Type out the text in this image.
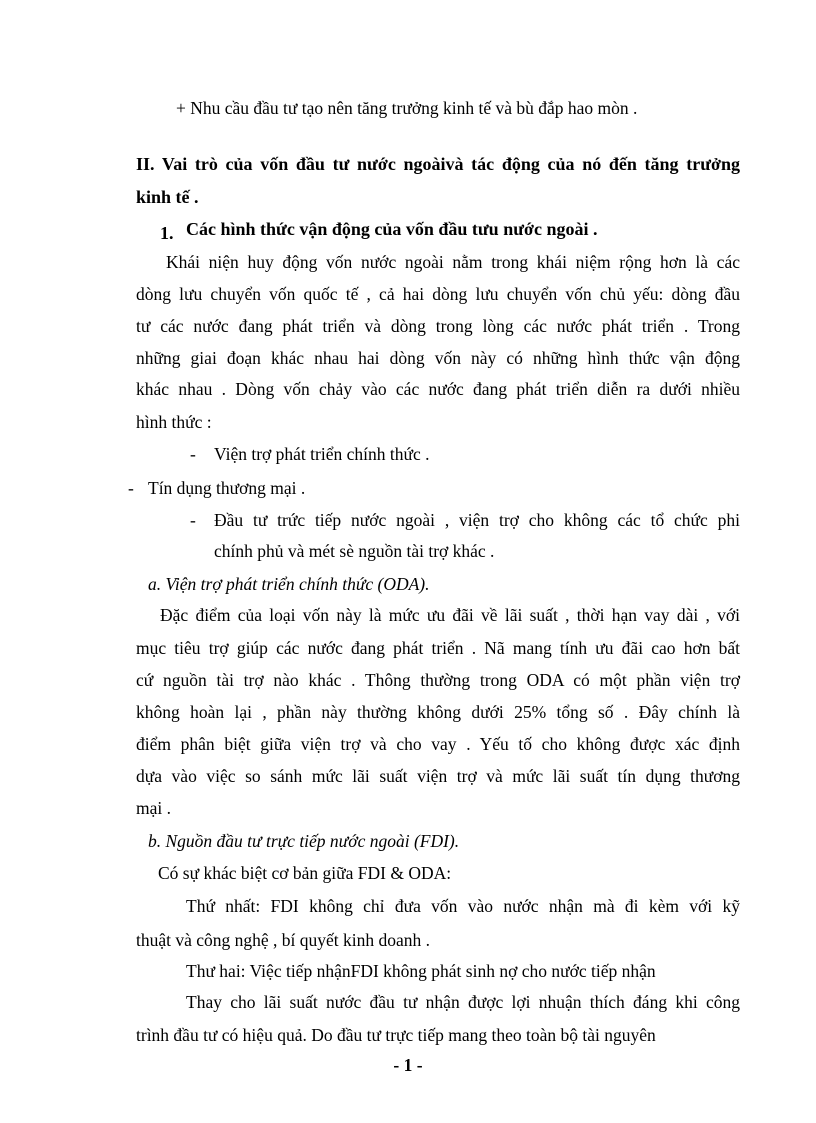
+ Nhu cầu đầu tư tạo nên tăng trưởng kinh tế và bù đắp hao mòn .
II. Vai trò của vốn đầu tư nước ngoàivà tác động của nó đến tăng trưởng
kinh tế .
1. Các hình thức vận động của vốn đầu tưu nước ngoài .
Khái niện huy động vốn nước ngoài nằm trong khái niệm rộng hơn là các
dòng lưu chuyển vốn quốc tế , cả hai dòng lưu chuyển vốn chủ yếu: dòng đầu
tư các nước đang phát triển và dòng trong lòng các nước phát triển . Trong
những giai đoạn khác nhau hai dòng vốn này có những hình thức vận động
khác nhau . Dòng vốn chảy vào các nước đang phát triển diễn ra dưới nhiều
hình thức :
- Viện trợ phát triển chính thức .
- Tín dụng thương mại .
- Đầu tư trức tiếp nước ngoài , viện trợ cho không các tổ chức phi
chính phủ và mét sè nguồn tài trợ khác .
a. Viện trợ phát triển chính thức (ODA).
Đặc điểm của loại vốn này là mức ưu đãi về lãi suất , thời hạn vay dài , với
mục tiêu trợ giúp các nước đang phát triển . Nã mang tính ưu đãi cao hơn bất
cứ nguồn tài trợ nào khác . Thông thường trong ODA có một phần viện trợ
không hoàn lại , phần này thường không dưới 25% tổng số . Đây chính là
điểm phân biệt giữa viện trợ và cho vay . Yếu tố cho không được xác định
dựa vào việc so sánh mức lãi suất viện trợ và mức lãi suất tín dụng thương
mại .
b. Nguồn đầu tư trực tiếp nước ngoài (FDI).
Có sự khác biệt cơ bản giữa FDI & ODA:
Thứ nhất: FDI không chỉ đưa vốn vào nước nhận mà đi kèm với kỹ
thuật và công nghệ , bí quyết kinh doanh .
Thư hai: Việc tiếp nhậnFDI không phát sinh nợ cho nước tiếp nhận
Thay cho lãi suất nước đầu tư nhận được lợi nhuận thích đáng khi công
trình đầu tư có hiệu quả. Do đầu tư trực tiếp mang theo toàn bộ tài nguyên
- 1 -
